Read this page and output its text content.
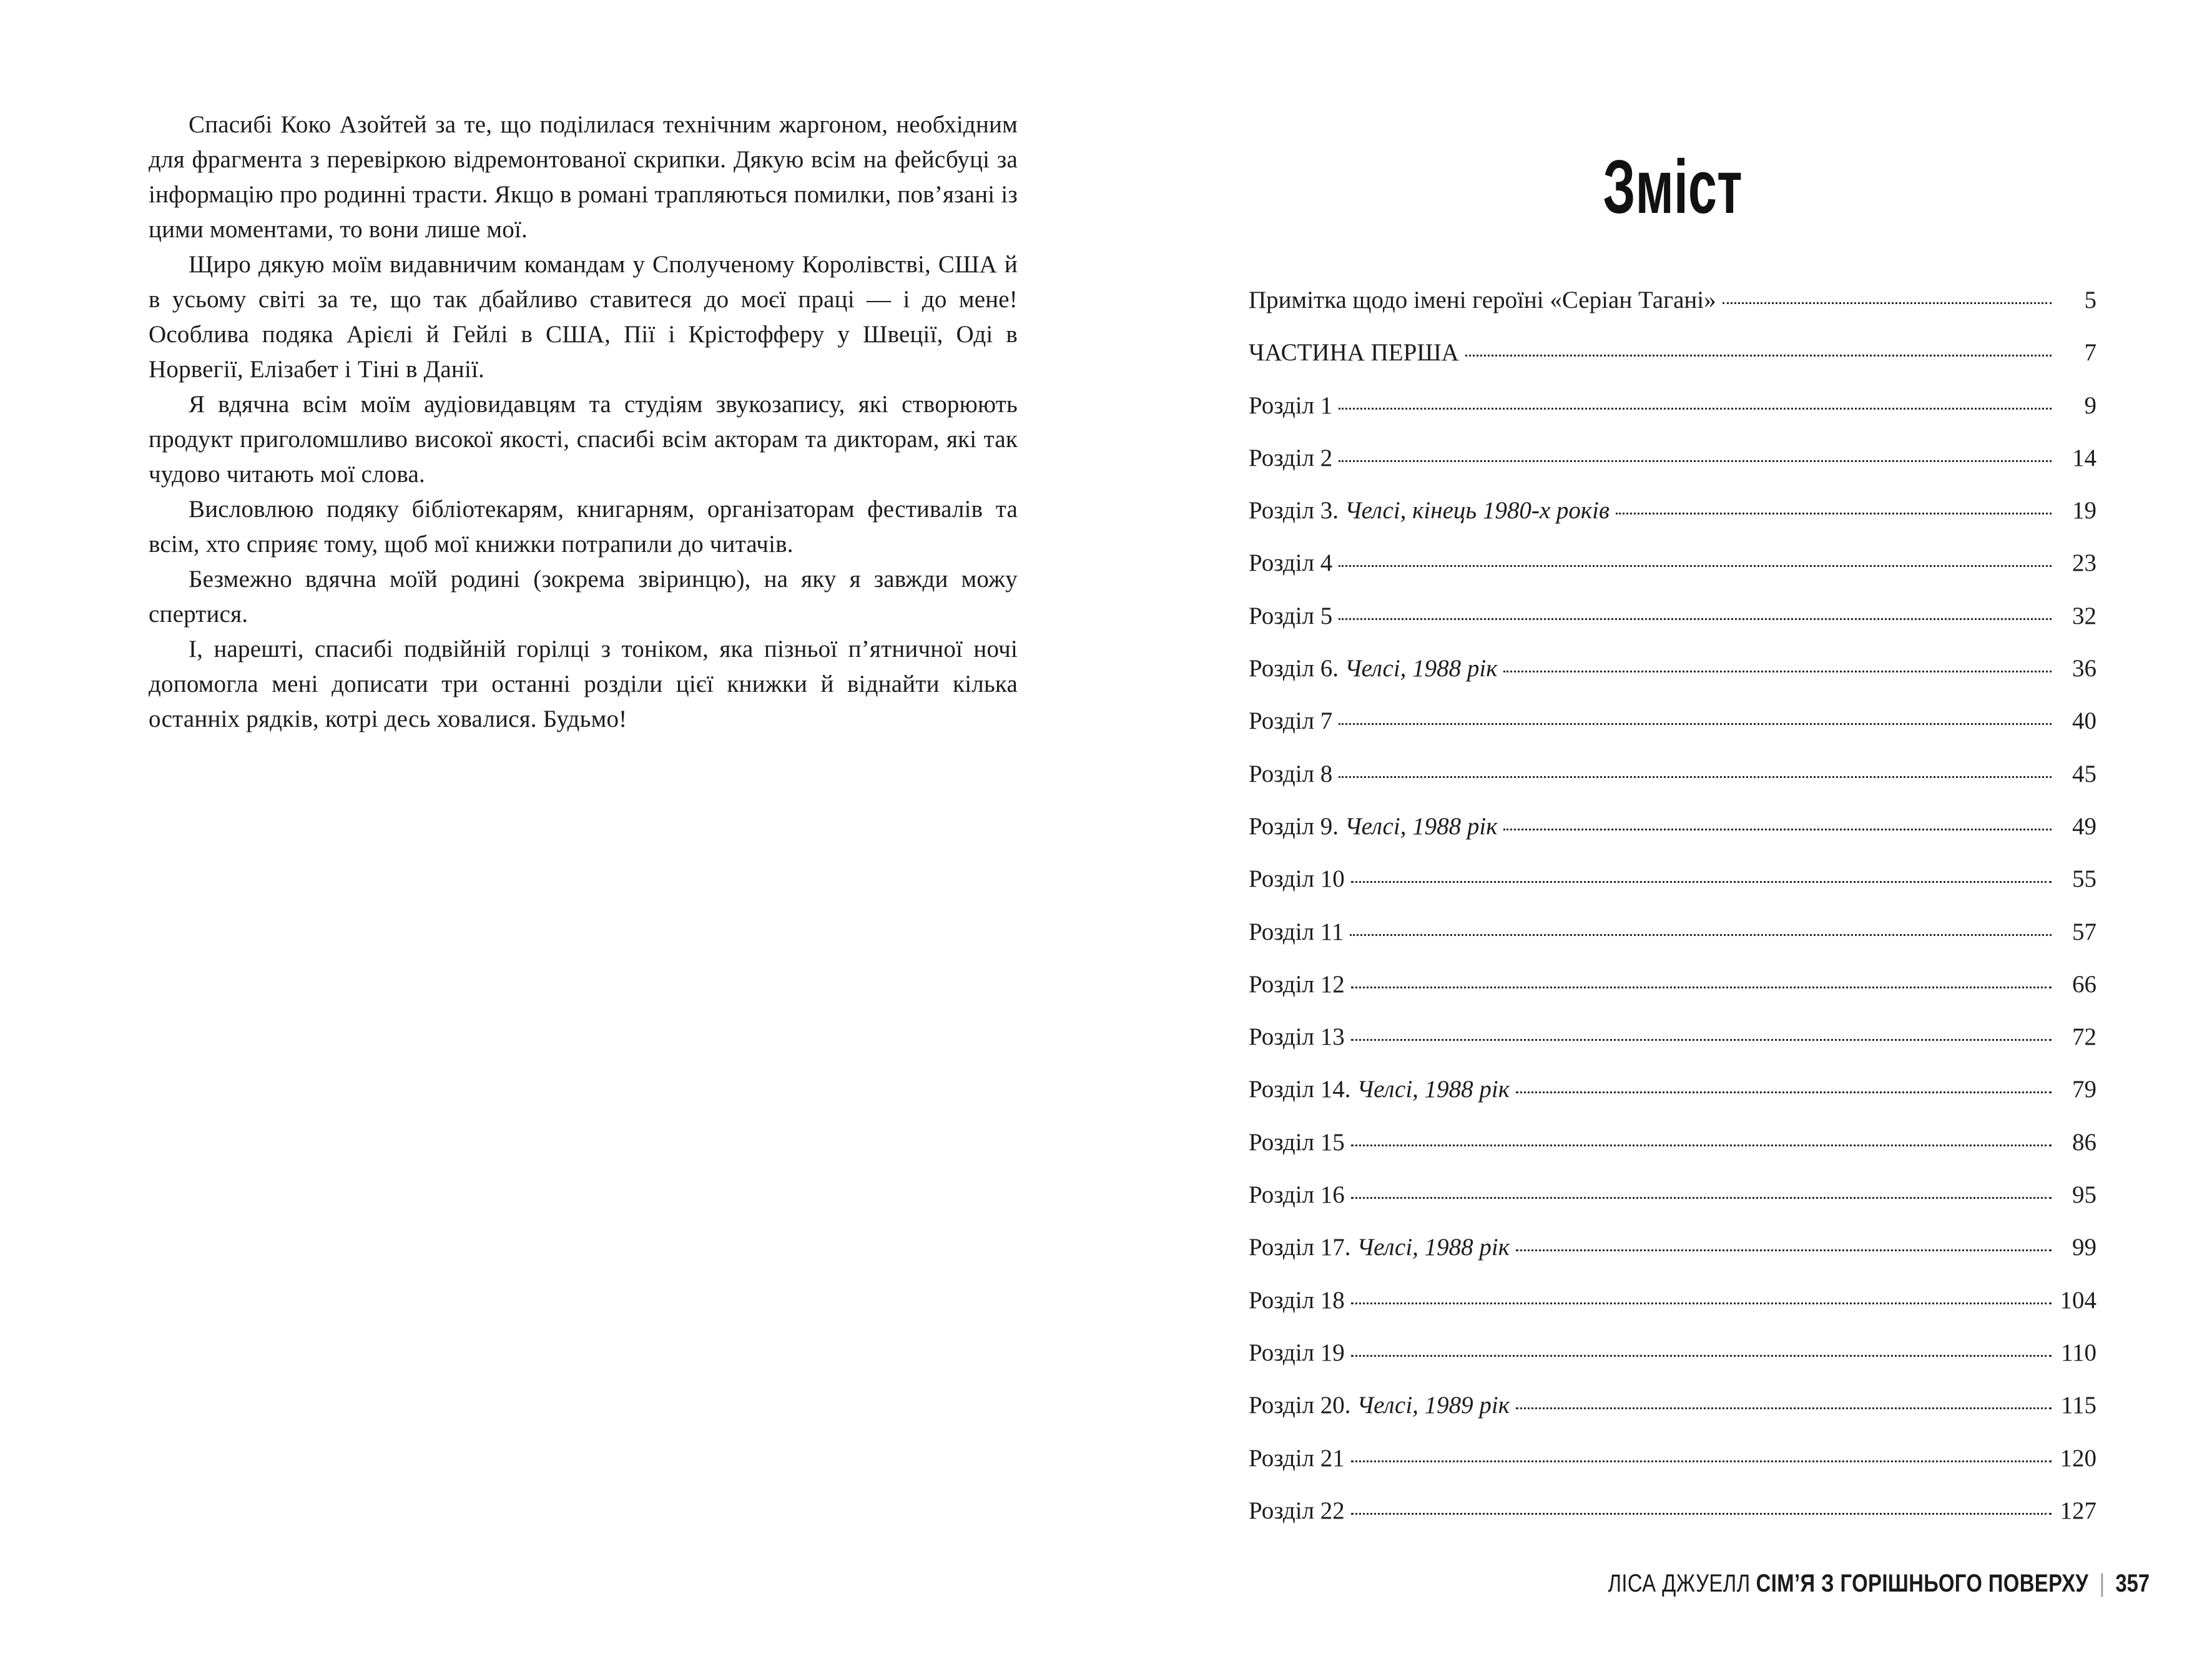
Спасибі Коко Азойтей за те, що поділилася технічним жаргоном, необхідним для фрагмента з перевіркою відремонтованої скрипки. Дякую всім на фейсбуці за інформацію про родинні трасти. Якщо в романі трапляються помилки, пов’язані із цими моментами, то вони лише мої.

Щиро дякую моїм видавничим командам у Сполученому Королівстві, США й в усьому світі за те, що так дбайливо ставитеся до моєї праці — і до мене! Особлива подяка Арієлі й Гейлі в США, Пії і Крістофферу у Швеції, Оді в Норвегії, Елізабет і Тіні в Данії.

Я вдячна всім моїм аудіовидавцям та студіям звукозапису, які створюють продукт приголомшливо високої якості, спасибі всім акторам та дикторам, які так чудово читають мої слова.

Висловлюю подяку бібліотекарям, книгарням, організаторам фестивалів та всім, хто сприяє тому, щоб мої книжки потрапили до читачів.

Безмежно вдячна моїй родині (зокрема звіринцю), на яку я завжди можу спертися.

І, нарешті, спасибі подвійній горілці з тоніком, яка пізньої п’ятничної ночі допомогла мені дописати три останні розділи цієї книжки й віднайти кілька останніх рядків, котрі десь ховалися. Будьмо!

Зміст
Примітка щодо імені героїні «Серіан Тагані»	5
ЧАСТИНА ПЕРША	7
Розділ 1	9
Розділ 2	14
Розділ 3. Челсі, кінець 1980-х років	19
Розділ 4	23
Розділ 5	32
Розділ 6. Челсі, 1988 рік	36
Розділ 7	40
Розділ 8	45
Розділ 9. Челсі, 1988 рік	49
Розділ 10	55
Розділ 11	57
Розділ 12	66
Розділ 13	72
Розділ 14. Челсі, 1988 рік	79
Розділ 15	86
Розділ 16	95
Розділ 17. Челсі, 1988 рік	99
Розділ 18	104
Розділ 19	110
Розділ 20. Челсі, 1989 рік	115
Розділ 21	120
Розділ 22	127
ЛІСА ДЖУЕЛЛ СІМ’Я З ГОРІШНЬОГО ПОВЕРХУ | 357
